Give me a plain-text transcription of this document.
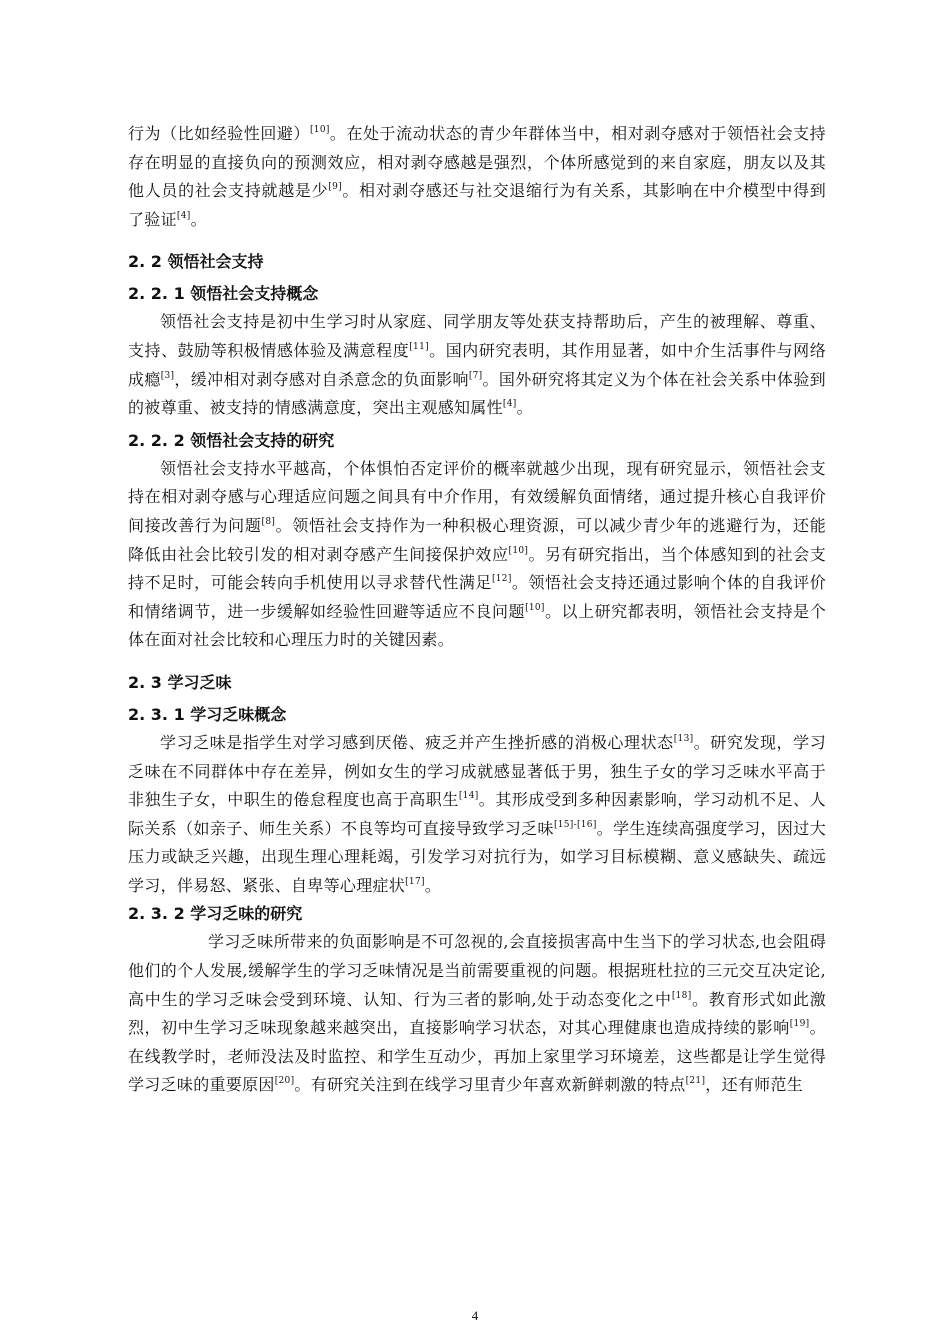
行为（比如经验性回避）[10]。在处于流动状态的青少年群体当中，相对剥夺感对于领悟社会支持存在明显的直接负向的预测效应，相对剥夺感越是强烈，个体所感觉到的来自家庭，朋友以及其他人员的社会支持就越是少[9]。相对剥夺感还与社交退缩行为有关系，其影响在中介模型中得到了验证[4]。

2. 2 领悟社会支持
2. 2. 1 领悟社会支持概念

领悟社会支持是初中生学习时从家庭、同学朋友等处获支持帮助后，产生的被理解、尊重、支持、鼓励等积极情感体验及满意程度[11]。国内研究表明，其作用显著，如中介生活事件与网络成瘾[3]，缓冲相对剥夺感对自杀意念的负面影响[7]。国外研究将其定义为个体在社会关系中体验到的被尊重、被支持的情感满意度，突出主观感知属性[4]。

2. 2. 2 领悟社会支持的研究

领悟社会支持水平越高，个体惧怕否定评价的概率就越少出现，现有研究显示，领悟社会支持在相对剥夺感与心理适应问题之间具有中介作用，有效缓解负面情绪，通过提升核心自我评价间接改善行为问题[8]。领悟社会支持作为一种积极心理资源，可以减少青少年的逃避行为，还能降低由社会比较引发的相对剥夺感产生间接保护效应[10]。另有研究指出，当个体感知到的社会支持不足时，可能会转向手机使用以寻求替代性满足[12]。领悟社会支持还通过影响个体的自我评价和情绪调节，进一步缓解如经验性回避等适应不良问题[10]。以上研究都表明，领悟社会支持是个体在面对社会比较和心理压力时的关键因素。

2. 3 学习乏味
2. 3. 1 学习乏味概念

学习乏味是指学生对学习感到厌倦、疲乏并产生挫折感的消极心理状态[13]。研究发现，学习乏味在不同群体中存在差异，例如女生的学习成就感显著低于男，独生子女的学习乏味水平高于非独生子女，中职生的倦怠程度也高于高职生[14]。其形成受到多种因素影响，学习动机不足、人际关系（如亲子、师生关系）不良等均可直接导致学习乏味[15]-[16]。学生连续高强度学习，因过大压力或缺乏兴趣，出现生理心理耗竭，引发学习对抗行为，如学习目标模糊、意义感缺失、疏远学习，伴易怒、紧张、自卑等心理症状[17]。

2. 3. 2 学习乏味的研究

学习乏味所带来的负面影响是不可忽视的,会直接损害高中生当下的学习状态,也会阻碍他们的个人发展,缓解学生的学习乏味情况是当前需要重视的问题。根据班杜拉的三元交互决定论,高中生的学习乏味会受到环境、认知、行为三者的影响,处于动态变化之中[18]。教育形式如此激烈，初中生学习乏味现象越来越突出，直接影响学习状态，对其心理健康也造成持续的影响[19]。在线教学时，老师没法及时监控、和学生互动少，再加上家里学习环境差，这些都是让学生觉得学习乏味的重要原因[20]。有研究关注到在线学习里青少年喜欢新鲜刺激的特点[21]，还有师范生

4
